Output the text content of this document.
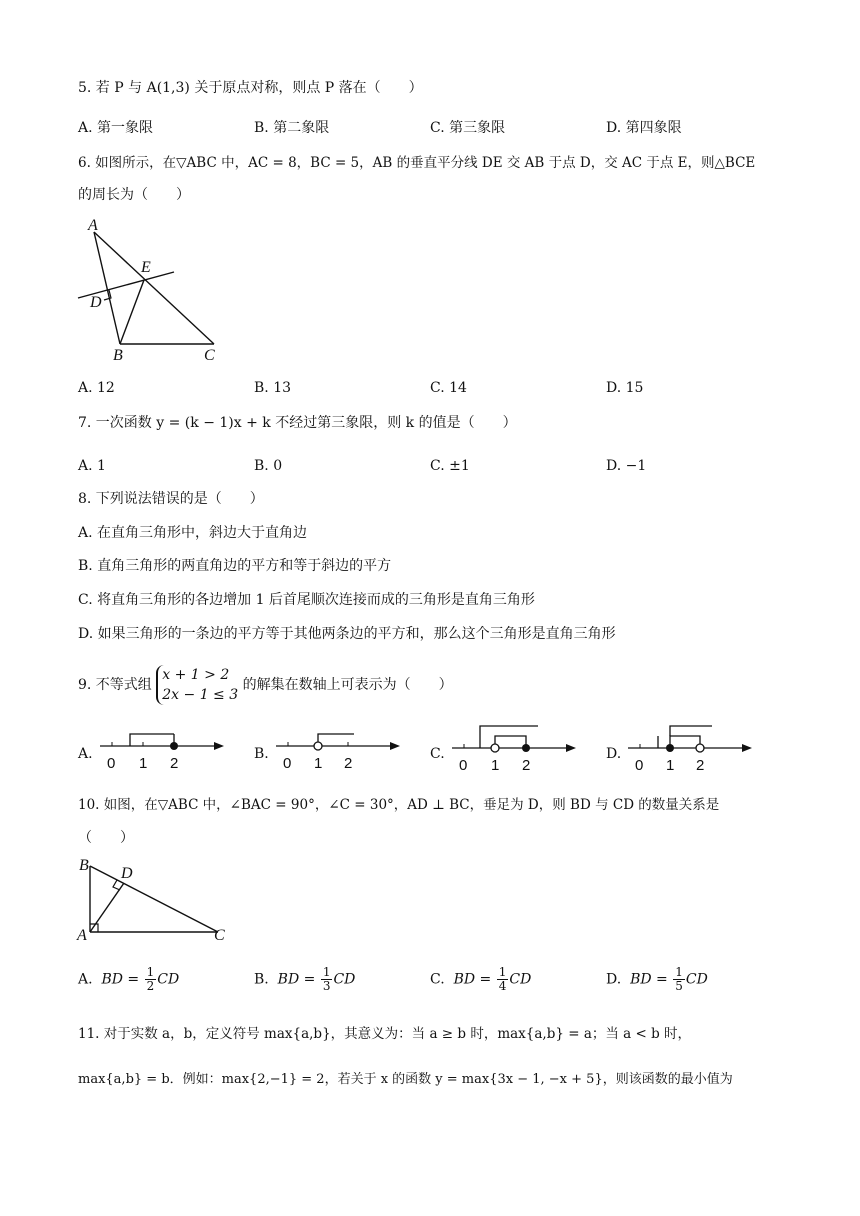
5. 若 P 与 A(1,3) 关于原点对称，则点 P 落在（　　）
A. 第一象限	B. 第二象限	C. 第三象限	D. 第四象限
6. 如图所示，在▽ABC 中，AC = 8，BC = 5，AB 的垂直平分线 DE 交 AB 于点 D，交 AC 于点 E，则△BCE
的周长为（　　）
A
D
E
B	C
A. 12	B. 13	C. 14	D. 15
7. 一次函数 y = (k − 1)x + k 不经过第三象限，则 k 的值是（　　）
A. 1	B. 0	C. ±1	D. −1
8. 下列说法错误的是（　　）
A. 在直角三角形中，斜边大于直角边
B. 直角三角形的两直角边的平方和等于斜边的平方
C. 将直角三角形的各边增加 1 后首尾顺次连接而成的三角形是直角三角形
D. 如果三角形的一条边的平方等于其他两条边的平方和，那么这个三角形是直角三角形
9. 不等式组
x + 1 > 2
2x − 1 ≤ 3
的解集在数轴上可表示为（　　）
A.
0 1 2
B.
0 1 2
C.
0 1 2
D.
0 1 2
10. 如图，在▽ABC 中，∠BAC = 90°，∠C = 30°，AD ⊥ BC，垂足为 D，则 BD 与 CD 的数量关系是
（　　）
B D
A	C
A. BD = $\frac{1}{2}$ CD	B. BD = $\frac{1}{3}$ CD	C. BD = $\frac{1}{4}$ CD	D. BD = $\frac{1}{5}$ CD
11. 对于实数 a，b，定义符号 max{a,b}，其意义为：当 a ≥ b 时，max{a,b} = a；当 a < b 时，
max{a,b} = b．例如：max{2,−1} = 2，若关于 x 的函数 y = max{3x − 1, −x + 5}，则该函数的最小值为
